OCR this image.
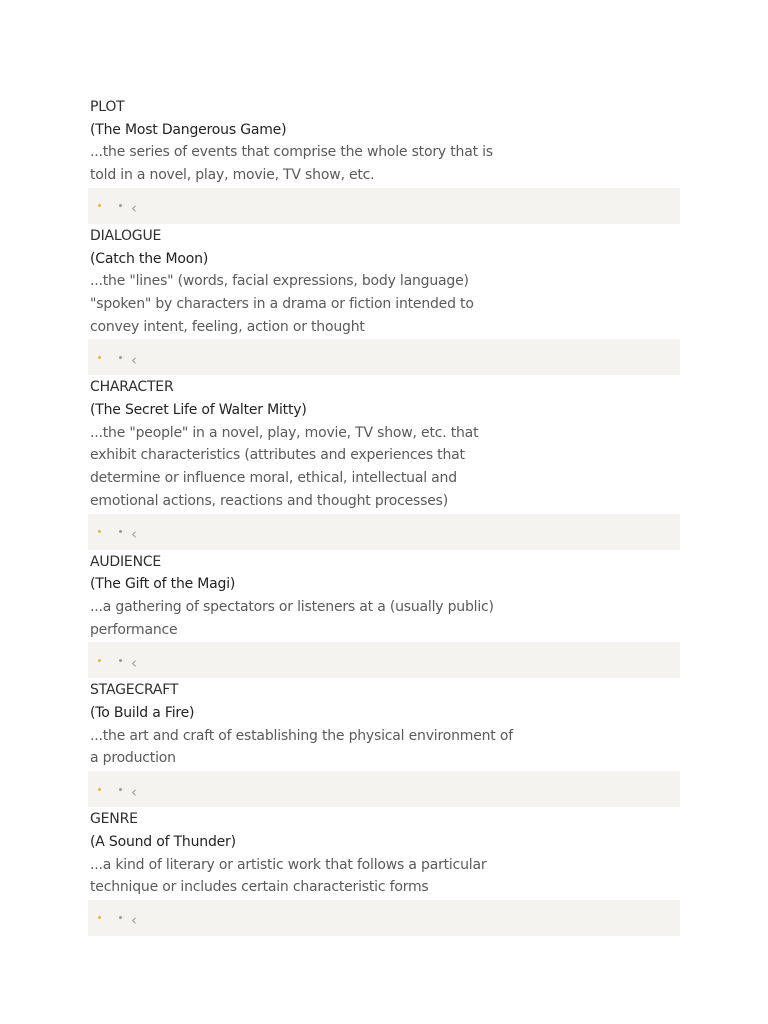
PLOT

(The Most Dangerous Game)

...the series of events that comprise the whole story that is told in a novel, play, movie, TV show, etc.

‹

DIALOGUE

(Catch the Moon)

...the "lines" (words, facial expressions, body language) "spoken" by characters in a drama or fiction intended to convey intent, feeling, action or thought

‹

CHARACTER

(The Secret Life of Walter Mitty)

...the "people" in a novel, play, movie, TV show, etc. that exhibit characteristics (attributes and experiences that determine or influence moral, ethical, intellectual and emotional actions, reactions and thought processes)

‹

AUDIENCE

(The Gift of the Magi)

...a gathering of spectators or listeners at a (usually public) performance

‹

STAGECRAFT

(To Build a Fire)

...the art and craft of establishing the physical environment of a production

‹

GENRE

(A Sound of Thunder)

...a kind of literary or artistic work that follows a particular technique or includes certain characteristic forms

‹
